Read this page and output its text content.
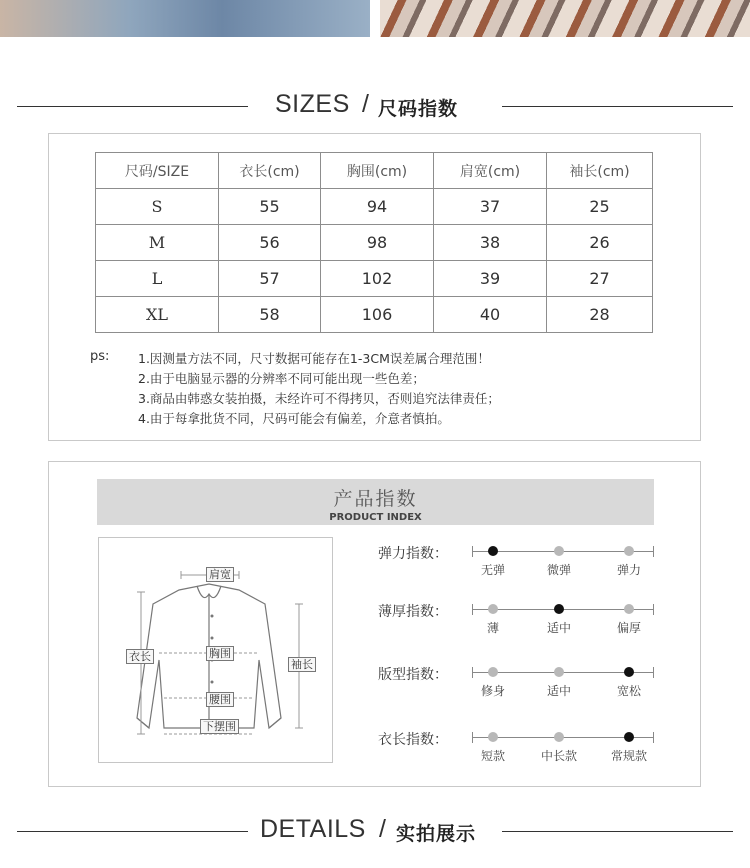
SIZES / 尺码指数
尺码/SIZE	衣长(cm)	胸围(cm)	肩宽(cm)	袖长(cm)
S	55	94	37	25
M	56	98	38	26
L	57	102	39	27
XL	58	106	40	28
ps: 1.因测量方法不同，尺寸数据可能存在1-3CM误差属合理范围！
2.由于电脑显示器的分辨率不同可能出现一些色差；
3.商品由韩惑女装拍摄，未经许可不得拷贝，否则追究法律责任；
4.由于每拿批货不同，尺码可能会有偏差，介意者慎拍。
产品指数
PRODUCT INDEX
肩宽
衣长	胸围
袖长
腰围
下摆围
弹力指数：
无弹	微弹	弹力
薄厚指数：
薄	适中	偏厚
版型指数：
修身	适中	宽松
衣长指数：
短款	中长款	常规款
DETAILS / 实拍展示
